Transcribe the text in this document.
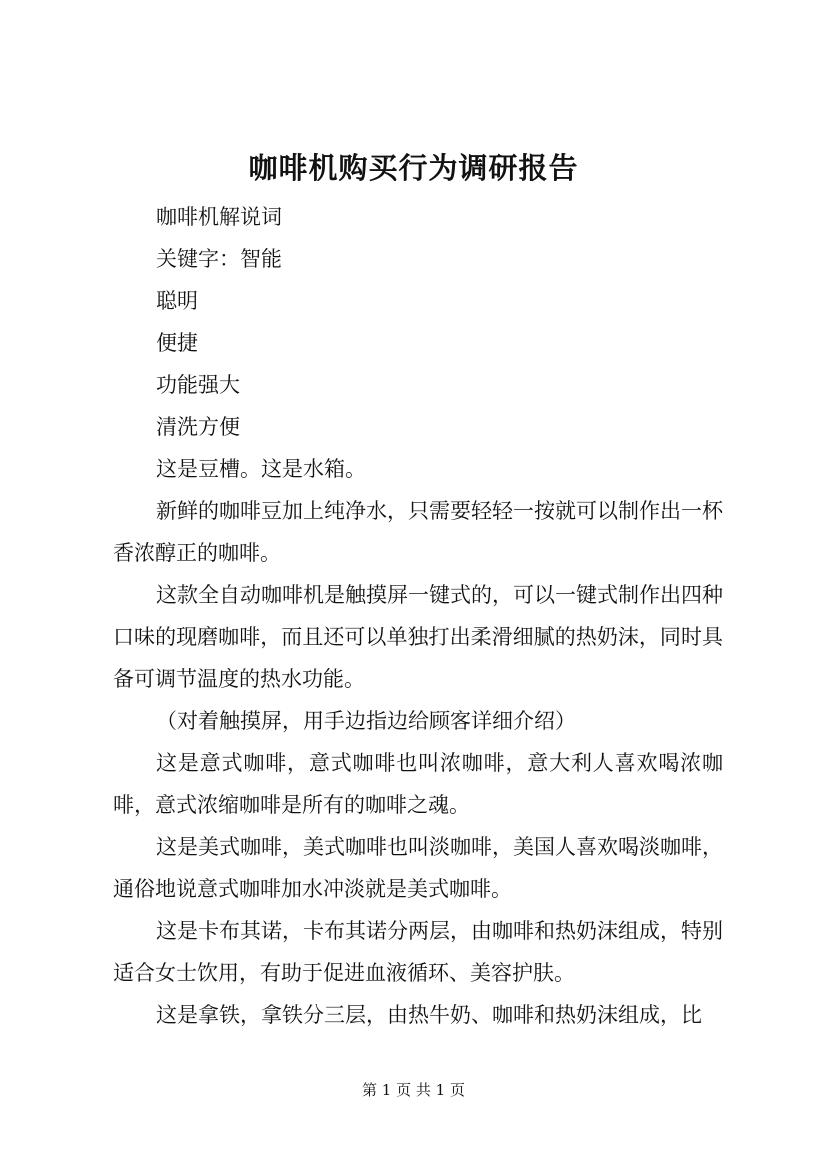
咖啡机购买行为调研报告

咖啡机解说词

关键字：智能

聪明

便捷

功能强大

清洗方便

这是豆槽。这是水箱。

新鲜的咖啡豆加上纯净水，只需要轻轻一按就可以制作出一杯香浓醇正的咖啡。

这款全自动咖啡机是触摸屏一键式的，可以一键式制作出四种口味的现磨咖啡，而且还可以单独打出柔滑细腻的热奶沫，同时具备可调节温度的热水功能。

（对着触摸屏，用手边指边给顾客详细介绍）

这是意式咖啡，意式咖啡也叫浓咖啡，意大利人喜欢喝浓咖啡，意式浓缩咖啡是所有的咖啡之魂。

这是美式咖啡，美式咖啡也叫淡咖啡，美国人喜欢喝淡咖啡，通俗地说意式咖啡加水冲淡就是美式咖啡。

这是卡布其诺，卡布其诺分两层，由咖啡和热奶沫组成，特别适合女士饮用，有助于促进血液循环、美容护肤。

这是拿铁，拿铁分三层，由热牛奶、咖啡和热奶沫组成，比

第 1 页 共 1 页
